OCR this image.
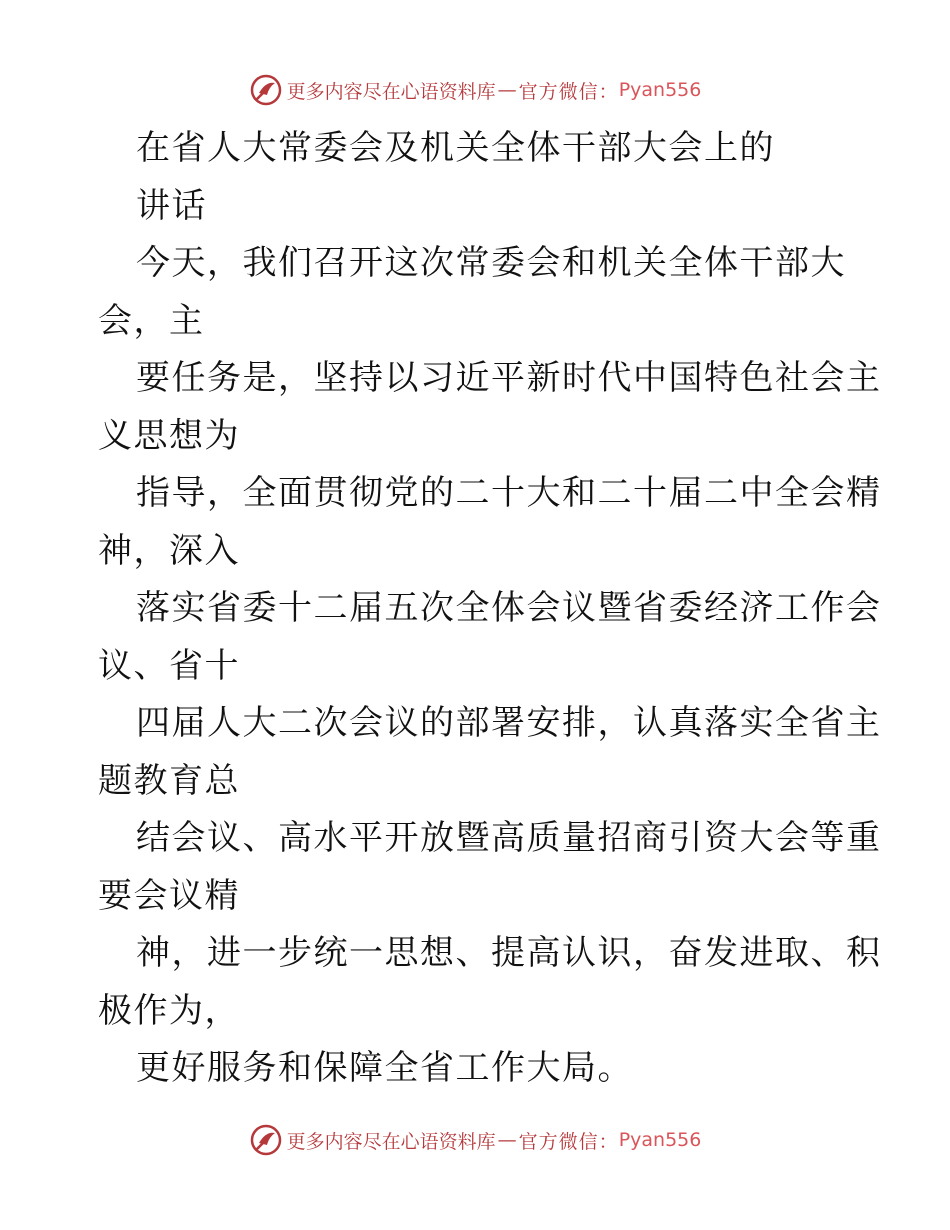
更多内容尽在心语资料库 — 官方微信： Pyan556
在省人大常委会及机关全体干部大会上的
讲话
今天，我们召开这次常委会和机关全体干部大
会，主
要任务是，坚持以习近平新时代中国特色社会主
义思想为
指导，全面贯彻党的二十大和二十届二中全会精
神，深入
落实省委十二届五次全体会议暨省委经济工作会
议、省十
四届人大二次会议的部署安排，认真落实全省主
题教育总
结会议、高水平开放暨高质量招商引资大会等重
要会议精
神，进一步统一思想、提高认识，奋发进取、积
极作为，
更好服务和保障全省工作大局。
更多内容尽在心语资料库 — 官方微信： Pyan556
